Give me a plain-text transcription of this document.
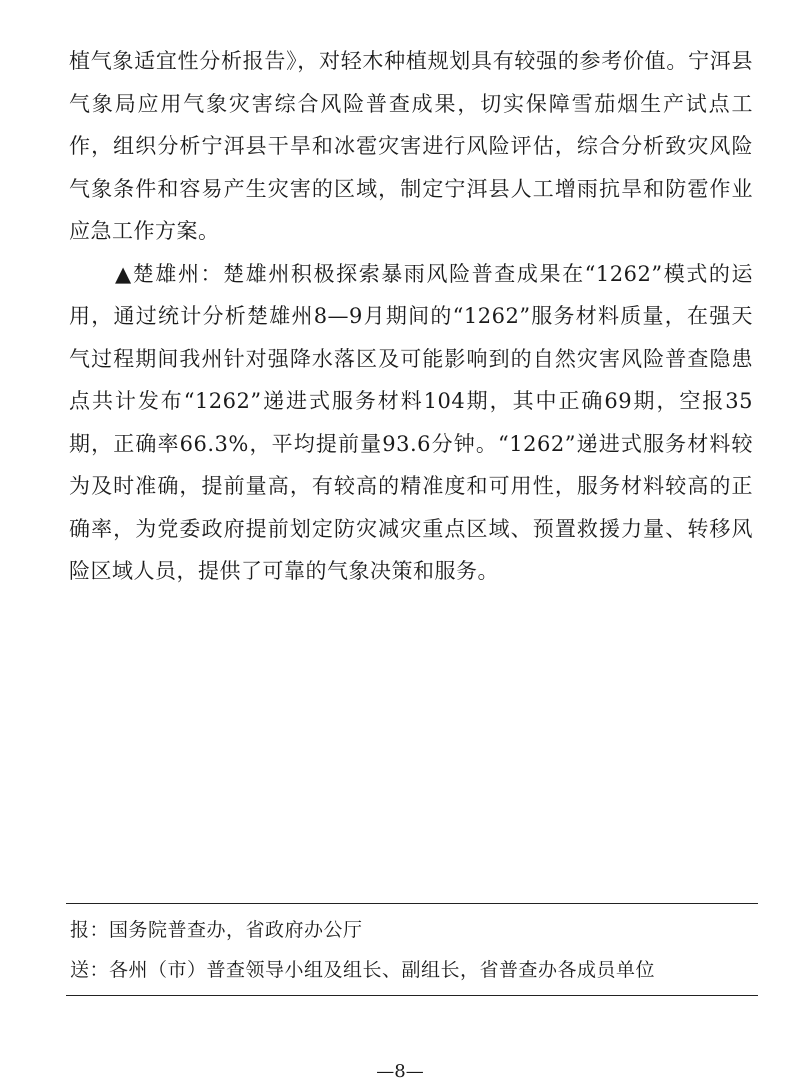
植气象适宜性分析报告》，对轻木种植规划具有较强的参考价值。宁洱县气象局应用气象灾害综合风险普查成果，切实保障雪茄烟生产试点工作，组织分析宁洱县干旱和冰雹灾害进行风险评估，综合分析致灾风险气象条件和容易产生灾害的区域，制定宁洱县人工增雨抗旱和防雹作业应急工作方案。

▲楚雄州：楚雄州积极探索暴雨风险普查成果在“1262”模式的运用，通过统计分析楚雄州8—9月期间的“1262”服务材料质量，在强天气过程期间我州针对强降水落区及可能影响到的自然灾害风险普查隐患点共计发布“1262”递进式服务材料104期，其中正确69期，空报35期，正确率66.3%，平均提前量93.6分钟。“1262”递进式服务材料较为及时准确，提前量高，有较高的精准度和可用性，服务材料较高的正确率，为党委政府提前划定防灾减灾重点区域、预置救援力量、转移风险区域人员，提供了可靠的气象决策和服务。

报：国务院普查办，省政府办公厅
送：各州（市）普查领导小组及组长、副组长，省普查办各成员单位
—8—
